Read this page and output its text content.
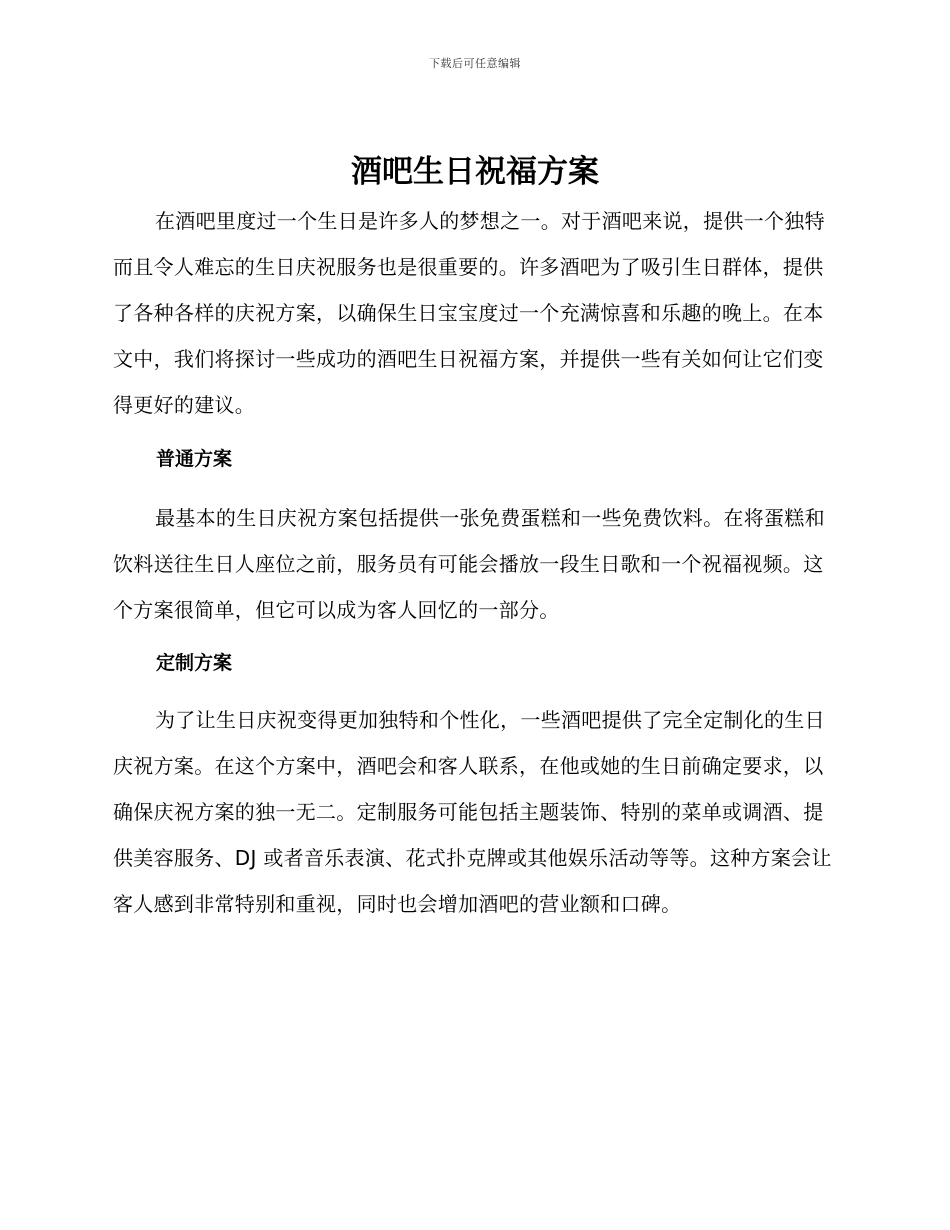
下载后可任意编辑
酒吧生日祝福方案

在酒吧里度过一个生日是许多人的梦想之一。对于酒吧来说，提供一个独特而且令人难忘的生日庆祝服务也是很重要的。许多酒吧为了吸引生日群体，提供了各种各样的庆祝方案，以确保生日宝宝度过一个充满惊喜和乐趣的晚上。在本文中，我们将探讨一些成功的酒吧生日祝福方案，并提供一些有关如何让它们变得更好的建议。

普通方案

最基本的生日庆祝方案包括提供一张免费蛋糕和一些免费饮料。在将蛋糕和饮料送往生日人座位之前，服务员有可能会播放一段生日歌和一个祝福视频。这个方案很简单，但它可以成为客人回忆的一部分。

定制方案

为了让生日庆祝变得更加独特和个性化，一些酒吧提供了完全定制化的生日庆祝方案。在这个方案中，酒吧会和客人联系，在他或她的生日前确定要求，以确保庆祝方案的独一无二。定制服务可能包括主题装饰、特别的菜单或调酒、提供美容服务、DJ 或者音乐表演、花式扑克牌或其他娱乐活动等等。这种方案会让客人感到非常特别和重视，同时也会增加酒吧的营业额和口碑。
